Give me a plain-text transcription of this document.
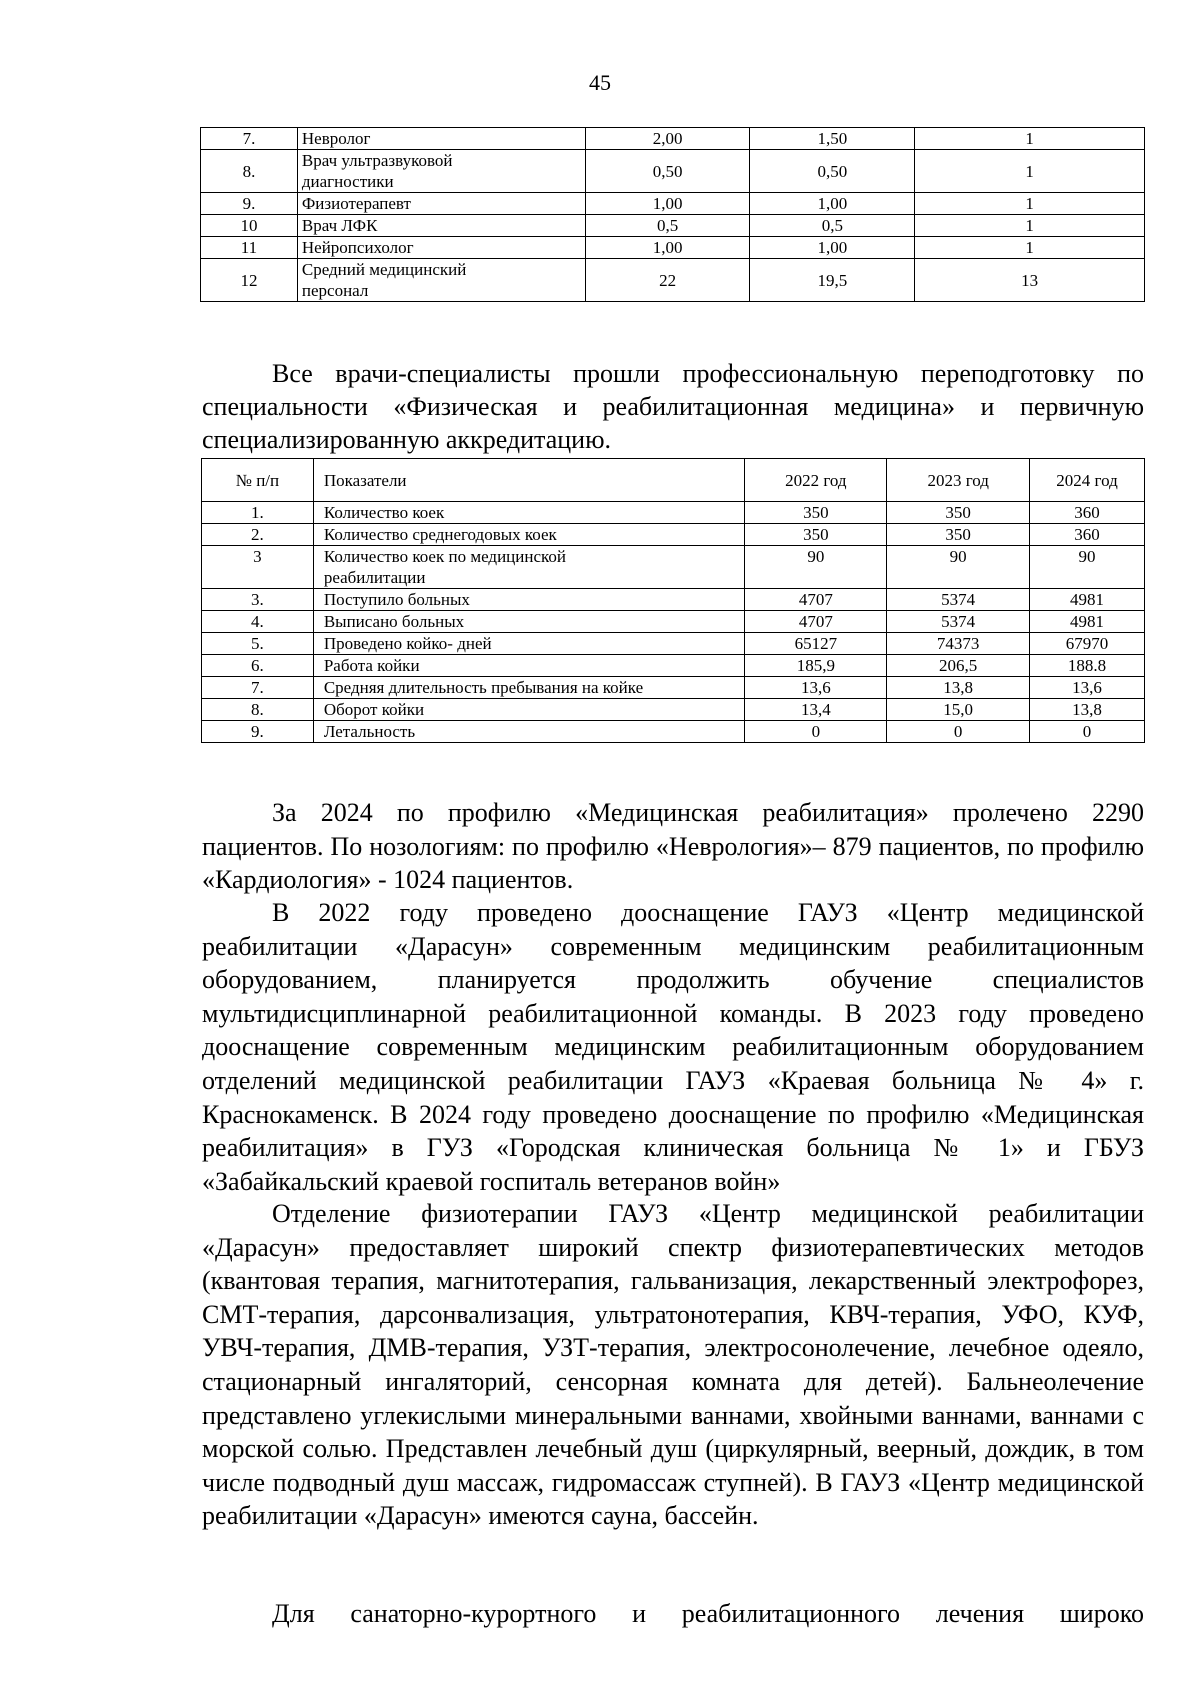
45
7.	Невролог	2,00	1,50	1
8.	Врач ультразвуковой диагностики	0,50	0,50	1
9.	Физиотерапевт	1,00	1,00	1
10	Врач ЛФК	0,5	0,5	1
11	Нейропсихолог	1,00	1,00	1
12	Средний медицинский персонал	22	19,5	13

Все врачи-специалисты прошли профессиональную переподготовку по специальности «Физическая и реабилитационная медицина» и первичную специализированную аккредитацию.

№ п/п	Показатели	2022 год	2023 год	2024 год
1.	Количество коек	350	350	360
2.	Количество среднегодовых коек	350	350	360
3	Количество коек по медицинской реабилитации	90	90	90
3.	Поступило больных	4707	5374	4981
4.	Выписано больных	4707	5374	4981
5.	Проведено койко- дней	65127	74373	67970
6.	Работа койки	185,9	206,5	188.8
7.	Средняя длительность пребывания на койке	13,6	13,8	13,6
8.	Оборот койки	13,4	15,0	13,8
9.	Летальность	0	0	0

За 2024 по профилю «Медицинская реабилитация» пролечено 2290 пациентов. По нозологиям: по профилю «Неврология»– 879 пациентов, по профилю «Кардиология» - 1024 пациентов.

В 2022 году проведено дооснащение ГАУЗ «Центр медицинской реабилитации «Дарасун» современным медицинским реабилитационным оборудованием, планируется продолжить обучение специалистов мультидисциплинарной реабилитационной команды. В 2023 году проведено дооснащение современным медицинским реабилитационным оборудованием отделений медицинской реабилитации ГАУЗ «Краевая больница № 4» г. Краснокаменск. В 2024 году проведено дооснащение по профилю «Медицинская реабилитация» в ГУЗ «Городская клиническая больница № 1» и ГБУЗ «Забайкальский краевой госпиталь ветеранов войн»

Отделение физиотерапии ГАУЗ «Центр медицинской реабилитации «Дарасун» предоставляет широкий спектр физиотерапевтических методов (квантовая терапия, магнитотерапия, гальванизация, лекарственный электрофорез, СМТ-терапия, дарсонвализация, ультратонотерапия, КВЧ-терапия, УФО, КУФ, УВЧ-терапия, ДМВ-терапия, УЗТ-терапия, электросонолечение, лечебное одеяло, стационарный ингаляторий, сенсорная комната для детей). Бальнеолечение представлено углекислыми минеральными ваннами, хвойными ваннами, ваннами с морской солью. Представлен лечебный душ (циркулярный, веерный, дождик, в том числе подводный душ массаж, гидромассаж ступней). В ГАУЗ «Центр медицинской реабилитации «Дарасун» имеются сауна, бассейн.

Для санаторно-курортного и реабилитационного лечения широко
